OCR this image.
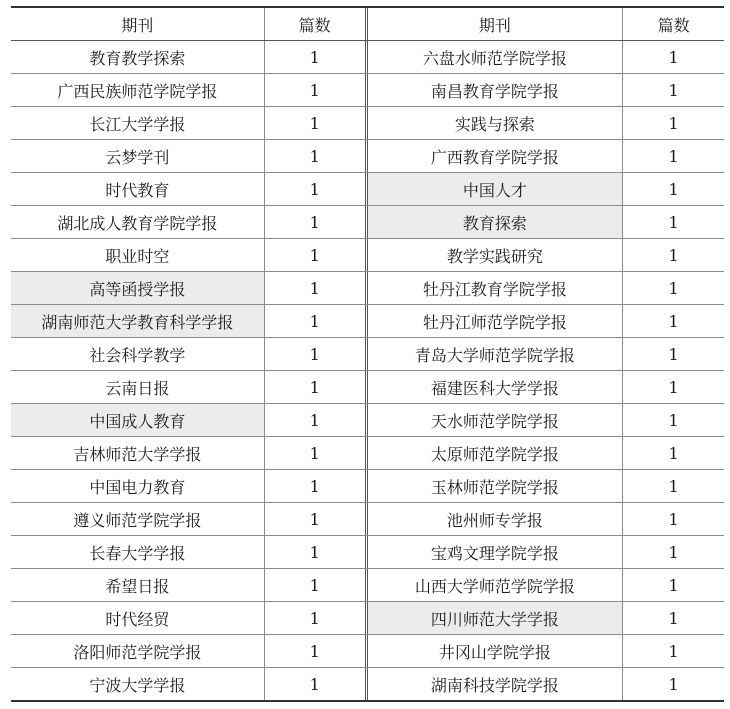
期刊	篇数		期刊	篇数
教育教学探索	1		六盘水师范学院学报	1
广西民族师范学院学报	1		南昌教育学院学报	1
长江大学学报	1		实践与探索	1
云梦学刊	1		广西教育学院学报	1
时代教育	1		中国人才	1
湖北成人教育学院学报	1		教育探索	1
职业时空	1		教学实践研究	1
高等函授学报	1		牡丹江教育学院学报	1
湖南师范大学教育科学学报	1		牡丹江师范学院学报	1
社会科学教学	1		青岛大学师范学院学报	1
云南日报	1		福建医科大学学报	1
中国成人教育	1		天水师范学院学报	1
吉林师范大学学报	1		太原师范学院学报	1
中国电力教育	1		玉林师范学院学报	1
遵义师范学院学报	1		池州师专学报	1
长春大学学报	1		宝鸡文理学院学报	1
希望日报	1		山西大学师范学院学报	1
时代经贸	1		四川师范大学学报	1
洛阳师范学院学报	1		井冈山学院学报	1
宁波大学学报	1		湖南科技学院学报	1
